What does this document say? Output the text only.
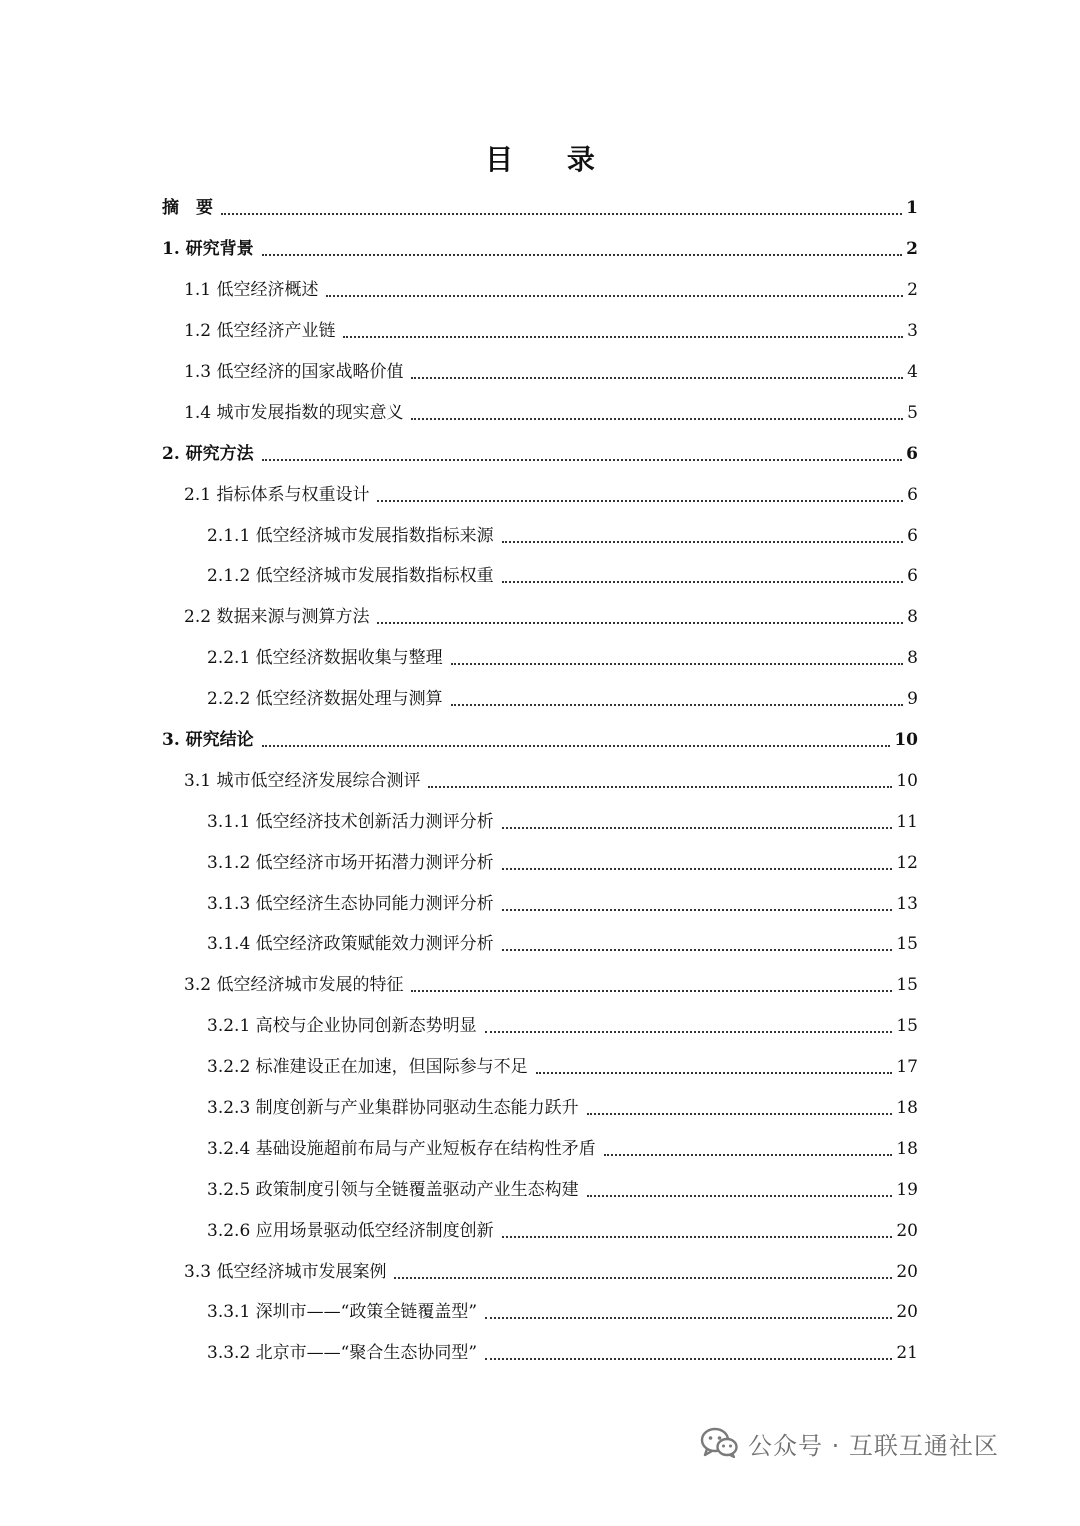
目 录
摘　要	1
1. 研究背景	2
1.1 低空经济概述	2
1.2 低空经济产业链	3
1.3 低空经济的国家战略价值	4
1.4 城市发展指数的现实意义	5
2. 研究方法	6
2.1 指标体系与权重设计	6
2.1.1 低空经济城市发展指数指标来源	6
2.1.2 低空经济城市发展指数指标权重	6
2.2 数据来源与测算方法	8
2.2.1 低空经济数据收集与整理	8
2.2.2 低空经济数据处理与测算	9
3. 研究结论	10
3.1 城市低空经济发展综合测评	10
3.1.1 低空经济技术创新活力测评分析	11
3.1.2 低空经济市场开拓潜力测评分析	12
3.1.3 低空经济生态协同能力测评分析	13
3.1.4 低空经济政策赋能效力测评分析	15
3.2 低空经济城市发展的特征	15
3.2.1 高校与企业协同创新态势明显	15
3.2.2 标准建设正在加速，但国际参与不足	17
3.2.3 制度创新与产业集群协同驱动生态能力跃升	18
3.2.4 基础设施超前布局与产业短板存在结构性矛盾	18
3.2.5 政策制度引领与全链覆盖驱动产业生态构建	19
3.2.6 应用场景驱动低空经济制度创新	20
3.3 低空经济城市发展案例	20
3.3.1 深圳市——“政策全链覆盖型”	20
3.3.2 北京市——“聚合生态协同型”	21
公众号 · 互联互通社区
